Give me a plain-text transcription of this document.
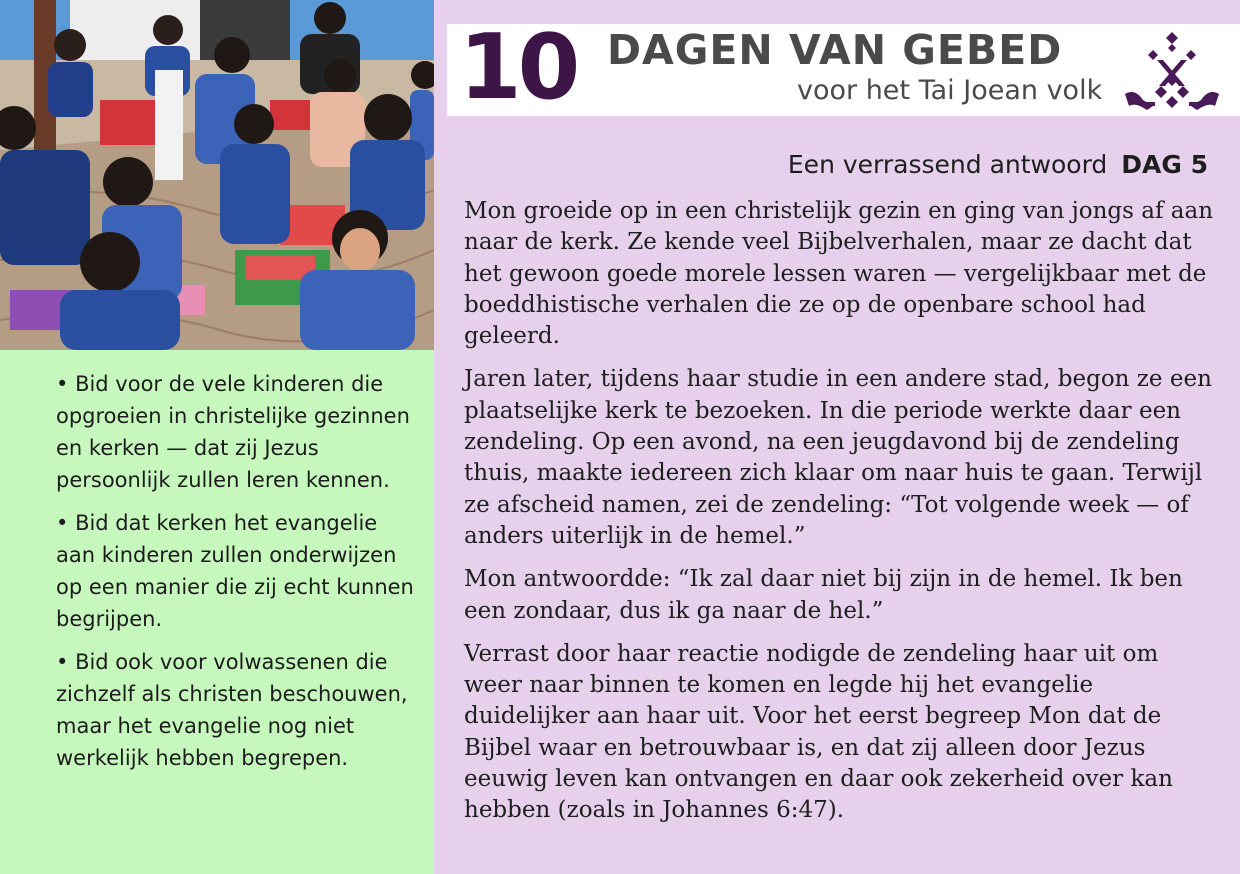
• Bid voor de vele kinderen die opgroeien in christelijke gezinnen en kerken — dat zij Jezus persoonlijk zullen leren kennen.
• Bid dat kerken het evangelie aan kinderen zullen onderwijzen op een manier die zij echt kunnen begrijpen.
• Bid ook voor volwassenen die zichzelf als christen beschouwen, maar het evangelie nog niet werkelijk hebben begrepen.
10 DAGEN VAN GEBED
voor het Tai Joean volk
Een verrassend antwoord DAG 5

Mon groeide op in een christelijk gezin en ging van jongs af aan naar de kerk. Ze kende veel Bijbelverhalen, maar ze dacht dat het gewoon goede morele lessen waren — vergelijkbaar met de boeddhistische verhalen die ze op de openbare school had geleerd.

Jaren later, tijdens haar studie in een andere stad, begon ze een plaatselijke kerk te bezoeken. In die periode werkte daar een zendeling. Op een avond, na een jeugdavond bij de zendeling thuis, maakte iedereen zich klaar om naar huis te gaan. Terwijl ze afscheid namen, zei de zendeling: “Tot volgende week — of anders uiterlijk in de hemel.”

Mon antwoordde: “Ik zal daar niet bij zijn in de hemel. Ik ben een zondaar, dus ik ga naar de hel.”

Verrast door haar reactie nodigde de zendeling haar uit om weer naar binnen te komen en legde hij het evangelie duidelijker aan haar uit. Voor het eerst begreep Mon dat de Bijbel waar en betrouwbaar is, en dat zij alleen door Jezus eeuwig leven kan ontvangen en daar ook zekerheid over kan hebben (zoals in Johannes 6:47).
